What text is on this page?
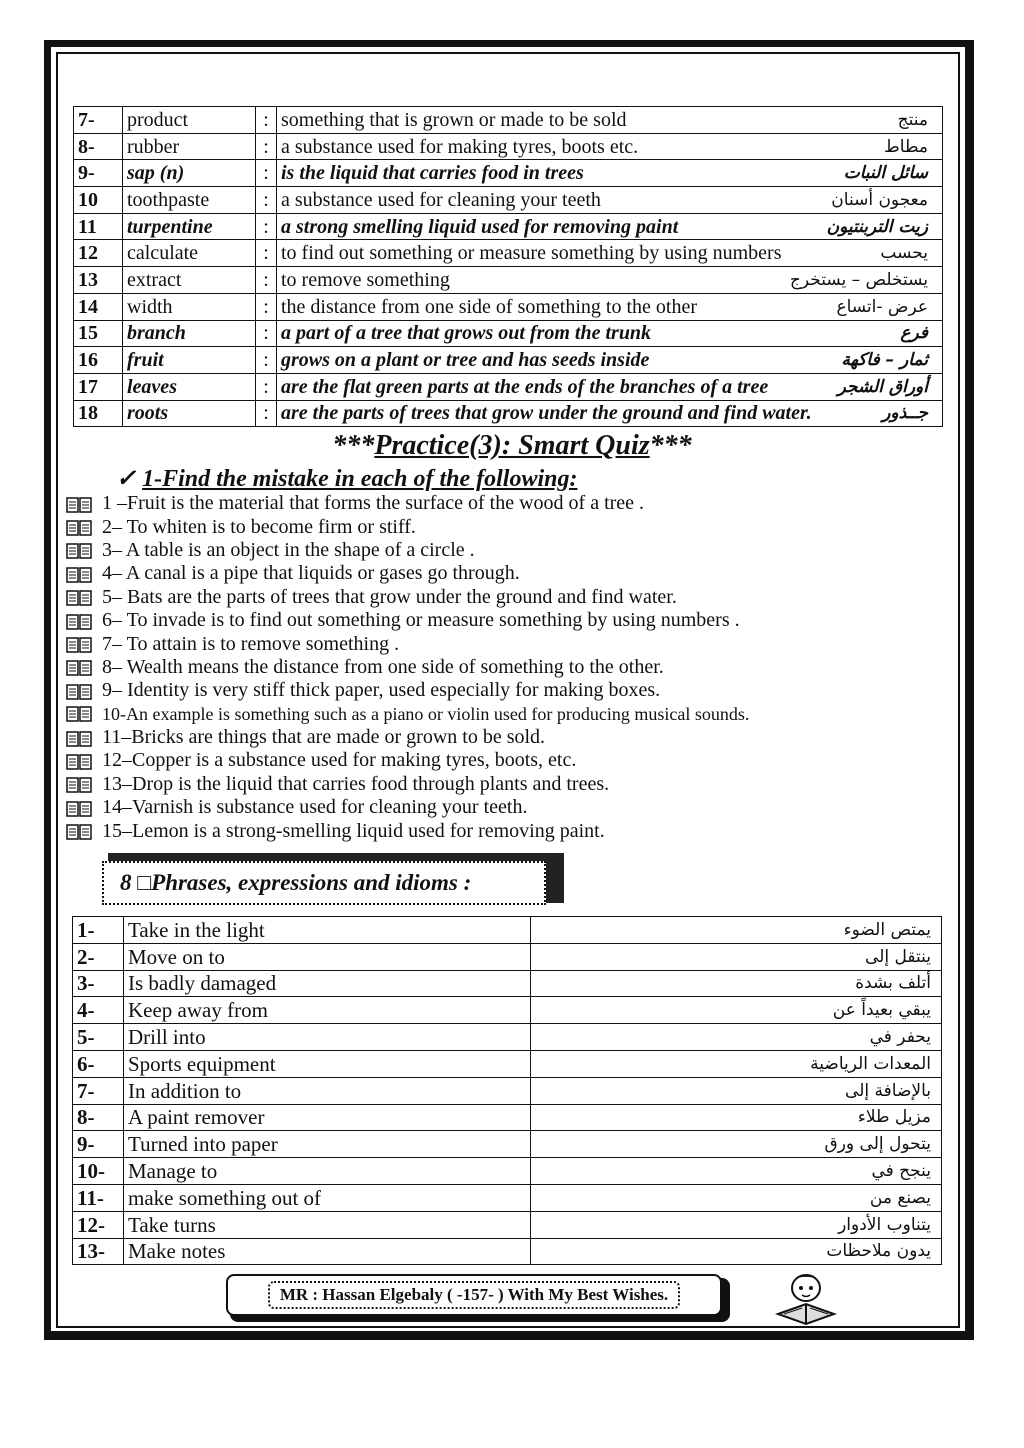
7-	product	:	something that is grown or made to be sold منتج

8-	rubber	:	a substance used for making tyres, boots etc. مطاط

9-	sap (n)	:	is the liquid that carries food in trees سائل النبات

10	toothpaste	:	a substance used for cleaning your teeth معجون أسنان

11	turpentine	:	a strong smelling liquid used for removing paint زيت التربنتيون

12	calculate	:	to find out something or measure something by using numbers يحسب

13	extract	:	to remove something يستخلص – يستخرج

14	width	:	the distance from one side of something to the other عرض -اتساع

15	branch	:	a part of a tree that grows out from the trunk فرع

16	fruit	:	grows on a plant or tree and has seeds inside ثمار – فاكهة

17	leaves	:	are the flat green parts at the ends of the branches of a tree أوراق الشجر

18	roots	:	are the parts of trees that grow under the ground and find water. جــذور
***Practice(3): Smart Quiz***
✓ 1-Find the mistake in each of the following:
1 –Fruit is the material that forms the surface of the wood of a tree .
2– To whiten is to become firm or stiff.
3– A table is an object in the shape of a circle .
4– A canal is a pipe that liquids or gases go through.
5– Bats are the parts of trees that grow under the ground and find water.
6– To invade is to find out something or measure something by using numbers .
7– To attain is to remove something .
8– Wealth means the distance from one side of something to the other.
9– Identity is very stiff thick paper, used especially for making boxes.
10-An example is something such as a piano or violin used for producing musical sounds.
11–Bricks are things that are made or grown to be sold.
12–Copper is a substance used for making tyres, boots, etc.
13–Drop is the liquid that carries food through plants and trees.
14–Varnish is substance used for cleaning your teeth.
15–Lemon is a strong-smelling liquid used for removing paint.
8 □Phrases, expressions and idioms :
1-	Take in the light	يمتص الضوء
2-	Move on to	ينتقل إلى
3-	Is badly damaged	أتلف بشدة
4-	Keep away from	يبقي بعيداً عن
5-	Drill into	يحفر في
6-	Sports equipment	المعدات الرياضية
7-	In addition to	بالإضافة إلى
8-	A paint remover	مزيل طلاء
9-	Turned into paper	يتحول إلى ورق
10-	Manage to	ينجح في
11-	make something out of	يصنع من
12-	Take turns	يتناوب الأدوار
13-	Make notes	يدون ملاحظات
MR : Hassan Elgebaly ( -157- ) With My Best Wishes.
